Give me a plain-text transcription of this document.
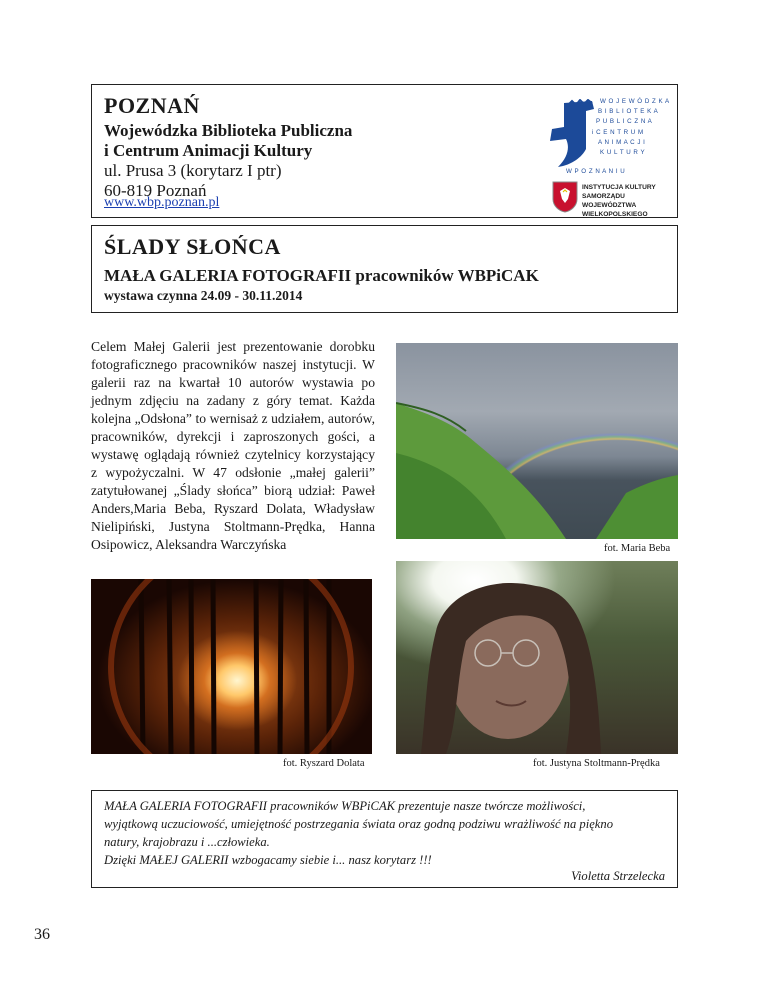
POZNAŃ
Wojewódzka Biblioteka Publiczna
i Centrum Animacji Kultury
ul. Prusa 3 (korytarz I ptr)
60-819 Poznań
www.wbp.poznan.pl
W O J E W Ó D Z K A
B I B L I O T E K A
P U B L I C Z N A
i C E N T R U M
A N I M A C J I
K U L T U R Y
W P O Z N A N I U
INSTYTUCJA KULTURY
SAMORZĄDU WOJEWÓDZTWA
WIELKOPOLSKIEGO
ŚLADY SŁOŃCA
MAŁA GALERIA FOTOGRAFII pracowników WBPiCAK
wystawa czynna 24.09 - 30.11.2014
Celem Małej Galerii jest prezentowanie dorobku fotograficznego pracowników naszej instytucji. W galerii raz na kwartał 10 autorów wystawia po jednym zdjęciu na zadany z góry temat. Każda kolejna „Odsłona” to wernisaż z udziałem, autorów, pracowników, dyrekcji i zaproszonych gości, a wystawę oglądają również czytelnicy korzystający z wypożyczalni. W 47 odsłonie „małej galerii” zatytułowanej „Ślady słońca” biorą udział: Paweł Anders,Maria Beba, Ryszard Dolata, Władysław Nielipiński, Justyna Stoltmann-Prędka, Hanna Osipowicz, Aleksandra Warczyńska	fot. Maria Beba
fot. Ryszard Dolata	fot. Justyna Stoltmann-Prędka
MAŁA GALERIA FOTOGRAFII pracowników WBPiCAK prezentuje nasze twórcze możliwości,
wyjątkową uczuciowość, umiejętność postrzegania świata oraz godną podziwu wrażliwość na piękno
natury, krajobrazu i ...człowieka.
Dzięki MAŁEJ GALERII wzbogacamy siebie i... nasz korytarz !!!
Violetta Strzelecka
36
